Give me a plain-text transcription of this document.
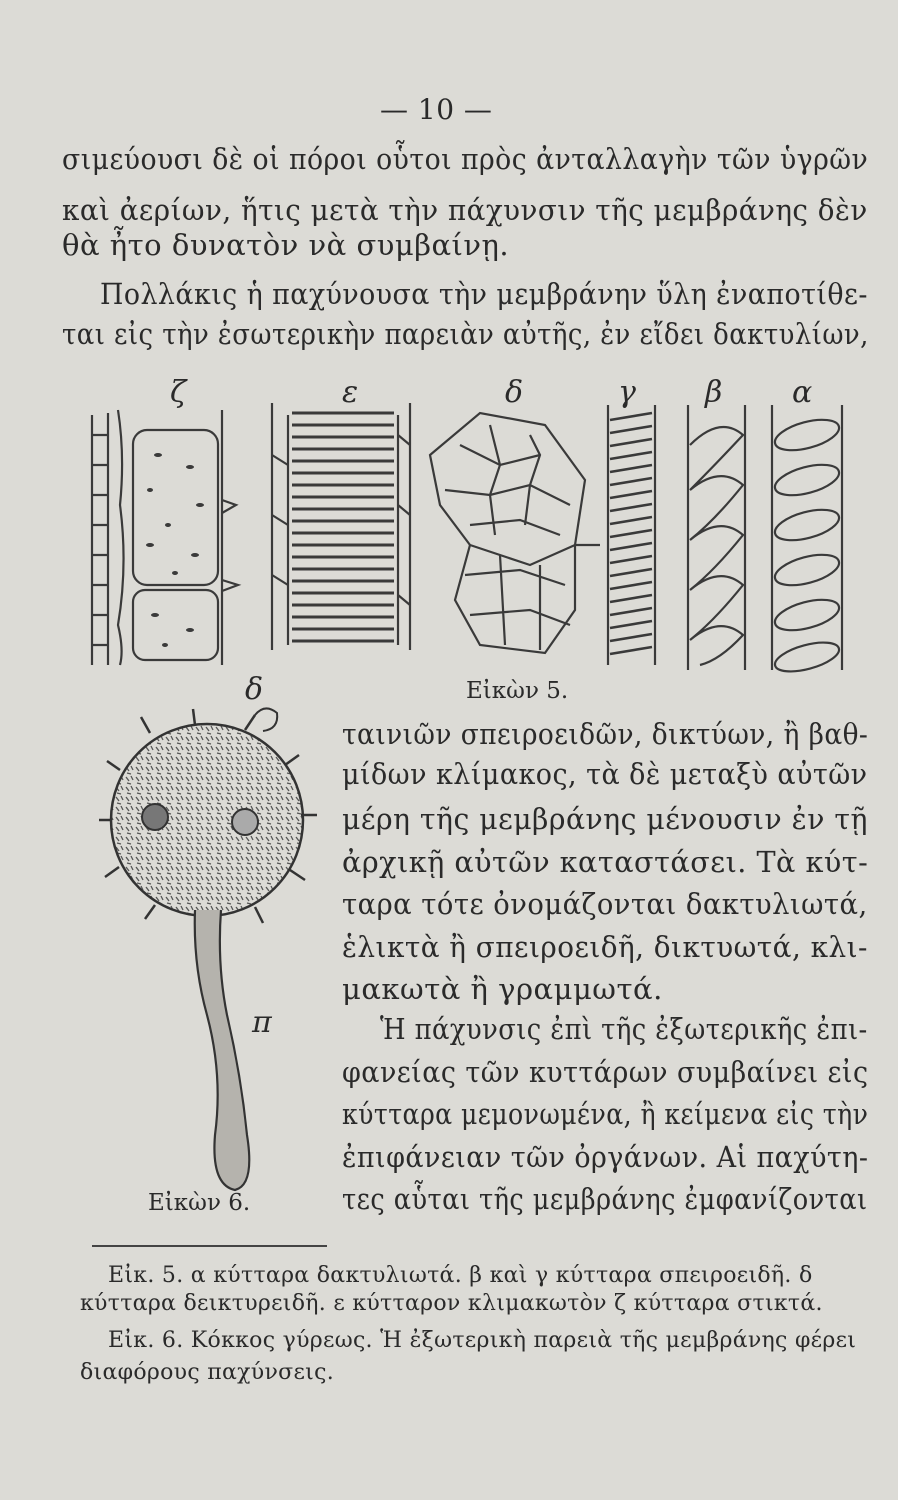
— 10 —
σιμεύουσι δὲ οἱ πόροι οὗτοι πρὸς ἀνταλλαγὴν τῶν ὑγρῶν
καὶ ἀερίων, ἥτις μετὰ τὴν πάχυνσιν τῆς μεμβράνης δὲν
θὰ ἦτο δυνατὸν νὰ συμβαίνῃ.
Πολλάκις ἡ παχύνουσα τὴν μεμβράνην ὕλη ἐναποτίθε-
ται εἰς τὴν ἐσωτερικὴν παρειὰν αὐτῆς, ἐν εἴδει δακτυλίων,
ζ	ε	δ	γ β α
Εἰκὼν 5.
δ
π
Εἰκὼν 6.
ταινιῶν σπειροειδῶν, δικτύων, ἢ βαθ-
μίδων κλίμακος, τὰ δὲ μεταξὺ αὐτῶν
μέρη τῆς μεμβράνης μένουσιν ἐν τῇ
ἀρχικῇ αὐτῶν καταστάσει. Τὰ κύτ-
ταρα τότε ὀνομάζονται δακτυλιωτά,
ἑλικτὰ ἢ σπειροειδῆ, δικτυωτά, κλι-
μακωτὰ ἢ γραμμωτά.
Ἡ πάχυνσις ἐπὶ τῆς ἐξωτερικῆς ἐπι-
φανείας τῶν κυττάρων συμβαίνει εἰς
κύτταρα μεμονωμένα, ἢ κείμενα εἰς τὴν
ἐπιφάνειαν τῶν ὀργάνων. Αἱ παχύτη-
τες αὗται τῆς μεμβράνης ἐμφανίζονται
Εἰκ. 5. α κύτταρα δακτυλιωτά. β καὶ γ κύτταρα σπειροειδῆ. δ
κύτταρα δεικτυρειδῆ. ε κύτταρον κλιμακωτὸν ζ κύτταρα στικτά.
Εἰκ. 6. Κόκκος γύρεως. Ἡ ἐξωτερικὴ παρειὰ τῆς μεμβράνης φέρει
διαφόρους παχύνσεις.
